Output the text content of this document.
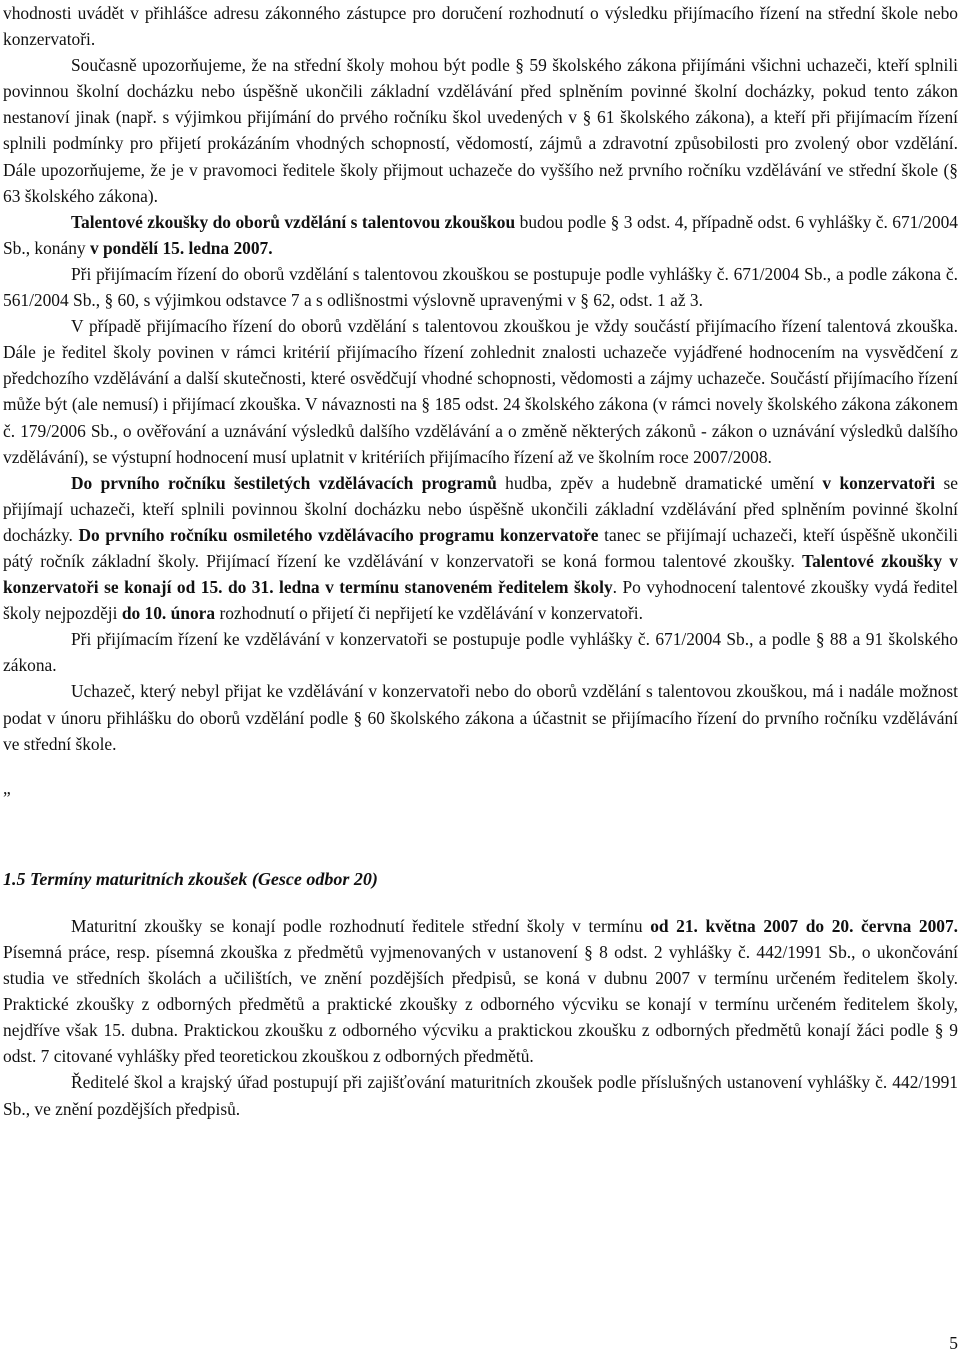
vhodnosti uvádět v přihlášce adresu zákonného zástupce pro doručení rozhodnutí o výsledku přijímacího řízení na střední škole nebo konzervatoři.

Současně upozorňujeme, že na střední školy mohou být podle § 59 školského zákona přijímáni všichni uchazeči, kteří splnili povinnou školní docházku nebo úspěšně ukončili základní vzdělávání před splněním povinné školní docházky, pokud tento zákon nestanoví jinak (např. s výjimkou přijímání do prvého ročníku škol uvedených v § 61 školského zákona), a kteří při přijímacím řízení splnili podmínky pro přijetí prokázáním vhodných schopností, vědomostí, zájmů a zdravotní způsobilosti pro zvolený obor vzdělání. Dále upozorňujeme, že je v pravomoci ředitele školy přijmout uchazeče do vyššího než prvního ročníku vzdělávání ve střední škole (§ 63 školského zákona).

Talentové zkoušky do oborů vzdělání s talentovou zkouškou budou podle § 3 odst. 4, případně odst. 6 vyhlášky č. 671/2004 Sb., konány v pondělí 15. ledna 2007.

Při přijímacím řízení do oborů vzdělání s talentovou zkouškou se postupuje podle vyhlášky č. 671/2004 Sb., a podle zákona č. 561/2004 Sb., § 60, s výjimkou odstavce 7 a s odlišnostmi výslovně upravenými v § 62, odst. 1 až 3.

V případě přijímacího řízení do oborů vzdělání s talentovou zkouškou je vždy součástí přijímacího řízení talentová zkouška. Dále je ředitel školy povinen v rámci kritérií přijímacího řízení zohlednit znalosti uchazeče vyjádřené hodnocením na vysvědčení z předchozího vzdělávání a další skutečnosti, které osvědčují vhodné schopnosti, vědomosti a zájmy uchazeče. Součástí přijímacího řízení může být (ale nemusí) i přijímací zkouška. V návaznosti na § 185 odst. 24 školského zákona (v rámci novely školského zákona zákonem č. 179/2006 Sb., o ověřování a uznávání výsledků dalšího vzdělávání a o změně některých zákonů - zákon o uznávání výsledků dalšího vzdělávání), se výstupní hodnocení musí uplatnit v kritériích přijímacího řízení až ve školním roce 2007/2008.

Do prvního ročníku šestiletých vzdělávacích programů hudba, zpěv a hudebně dramatické umění v konzervatoři se přijímají uchazeči, kteří splnili povinnou školní docházku nebo úspěšně ukončili základní vzdělávání před splněním povinné školní docházky. Do prvního ročníku osmiletého vzdělávacího programu konzervatoře tanec se přijímají uchazeči, kteří úspěšně ukončili pátý ročník základní školy. Přijímací řízení ke vzdělávání v konzervatoři se koná formou talentové zkoušky. Talentové zkoušky v konzervatoři se konají od 15. do 31. ledna v termínu stanoveném ředitelem školy. Po vyhodnocení talentové zkoušky vydá ředitel školy nejpozději do 10. února rozhodnutí o přijetí či nepřijetí ke vzdělávání v konzervatoři.

Při přijímacím řízení ke vzdělávání v konzervatoři se postupuje podle vyhlášky č. 671/2004 Sb., a podle § 88 a 91 školského zákona.

Uchazeč, který nebyl přijat ke vzdělávání v konzervatoři nebo do oborů vzdělání s talentovou zkouškou, má i nadále možnost podat v únoru přihlášku do oborů vzdělání podle § 60 školského zákona a účastnit se přijímacího řízení do prvního ročníku vzdělávání ve střední škole.

„

1.5 Termíny maturitních zkoušek (Gesce odbor 20)

Maturitní zkoušky se konají podle rozhodnutí ředitele střední školy v termínu od 21. května 2007 do 20. června 2007. Písemná práce, resp. písemná zkouška z předmětů vyjmenovaných v ustanovení § 8 odst. 2 vyhlášky č. 442/1991 Sb., o ukončování studia ve středních školách a učilištích, ve znění pozdějších předpisů, se koná v dubnu 2007 v termínu určeném ředitelem školy. Praktické zkoušky z odborných předmětů a praktické zkoušky z odborného výcviku se konají v termínu určeném ředitelem školy, nejdříve však 15. dubna. Praktickou zkoušku z odborného výcviku a praktickou zkoušku z odborných předmětů konají žáci podle § 9 odst. 7 citované vyhlášky před teoretickou zkouškou z odborných předmětů.

Ředitelé škol a krajský úřad postupují při zajišťování maturitních zkoušek podle příslušných ustanovení vyhlášky č. 442/1991 Sb., ve znění pozdějších předpisů.

5
